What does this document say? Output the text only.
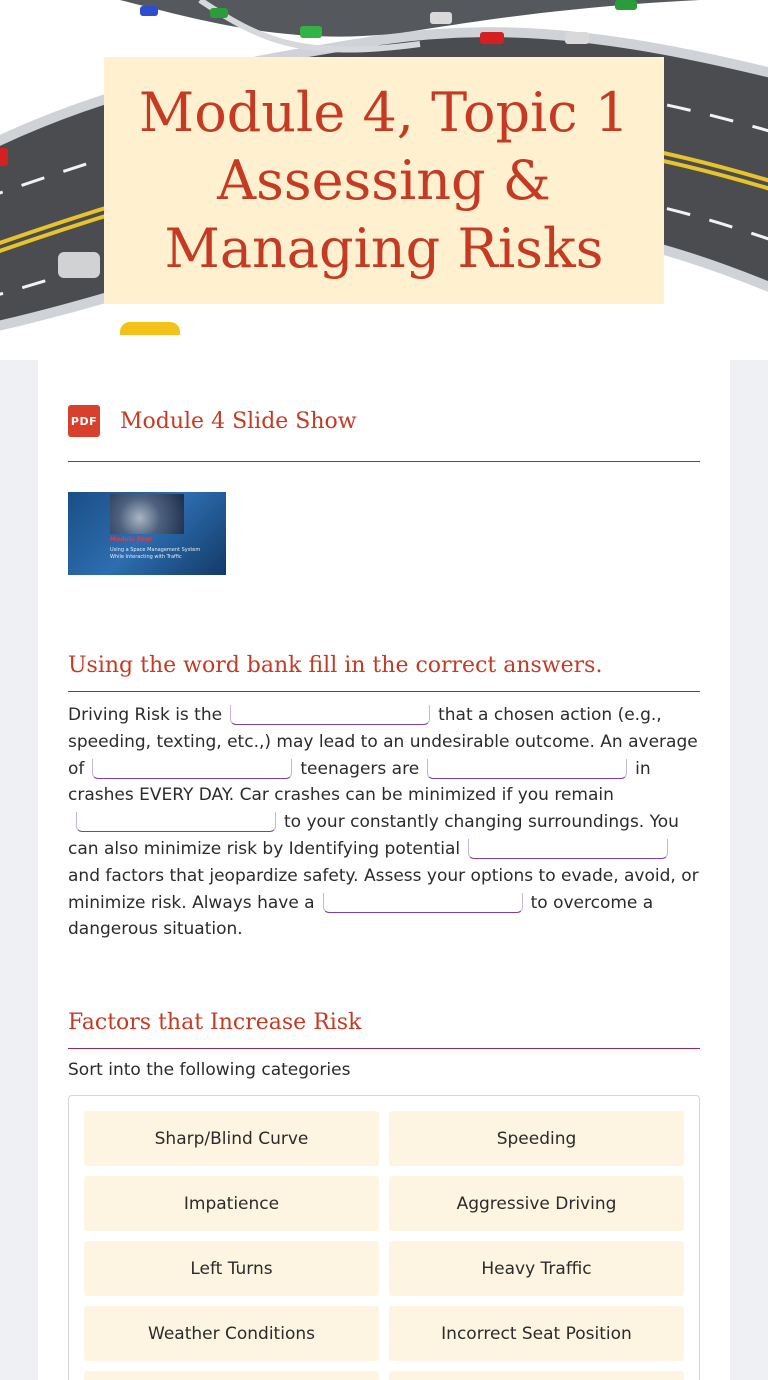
Module 4, Topic 1
Assessing &
Managing Risks
PDF Module 4 Slide Show
Module Four
Using a Space Management System While Interacting with Traffic
Using the word bank fill in the correct answers.
Driving Risk is the	that a chosen action (e.g., speeding, texting, etc.,) may lead to an undesirable outcome. An average of	teenagers are	in crashes EVERY DAY. Car crashes can be minimized if you remainto your constantly changing surroundings. You can also minimize risk by Identifying potentialand factors that jeopardize safety. Assess your options to evade, avoid, or minimize risk. Always have a	to overcome a dangerous situation.
Factors that Increase Risk
Sort into the following categories
Sharp/Blind Curve	Speeding
Impatience	Aggressive Driving
Left Turns	Heavy Traffic
Weather Conditions	Incorrect Seat Position
